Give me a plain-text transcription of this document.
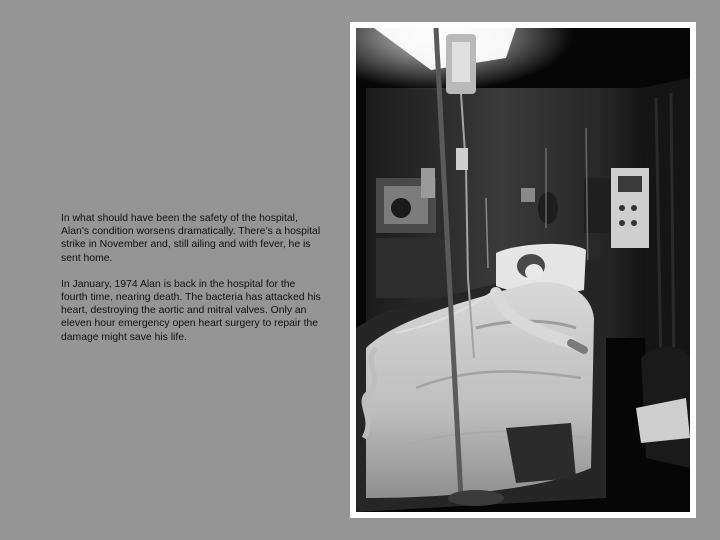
In what should have been the safety of the hospital, Alan’s condition worsens dramatically. There’s a hospital strike in November and, still ailing and with fever, he is sent home.

In January, 1974 Alan is back in the hospital for the fourth time, nearing death. The bacteria has attacked his heart, destroying the aortic and mitral valves. Only an eleven hour emergency open heart surgery to repair the damage might save his life.
